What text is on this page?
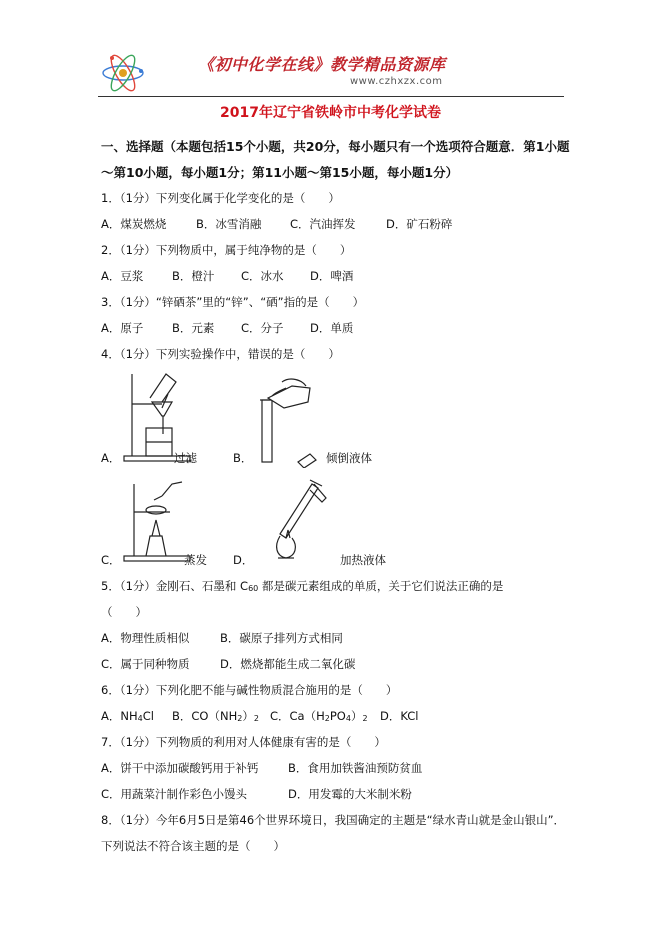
《初中化学在线》教学精品资源库
www.czhxzx.com
2017年辽宁省铁岭市中考化学试卷
一、选择题（本题包括15个小题，共20分，每小题只有一个选项符合题意．第1小题～第10小题，每小题1分；第11小题～第15小题，每小题1分）
1．（1分）下列变化属于化学变化的是（　　）
A．煤炭燃烧	B．冰雪消融 C．汽油挥发	D．矿石粉碎
2．（1分）下列物质中，属于纯净物的是（　　）
A．豆浆 B．橙汁 C．冰水 D．啤酒
3．（1分）“锌硒茶”里的“锌”、“硒”指的是（　　）
A．原子 B．元素 C．分子 D．单质
4．（1分）下列实验操作中，错误的是（　　）
A．	过滤	B．	倾倒液体
C．	蒸发 D．	加热液体
5．（1分）金刚石、石墨和 C60 都是碳元素组成的单质，关于它们说法正确的是
（　　）
A．物理性质相似	B．碳原子排列方式相同
C．属于同种物质	D．燃烧都能生成二氧化碳
6．（1分）下列化肥不能与碱性物质混合施用的是（　　）
A．NH4Cl B．CO（NH2）2 C．Ca（H2PO4）2 D．KCl
7．（1分）下列物质的利用对人体健康有害的是（　　）
A．饼干中添加碳酸钙用于补钙	B．食用加铁酱油预防贫血
C．用蔬菜汁制作彩色小馒头	D．用发霉的大米制米粉
8．（1分）今年6月5日是第46个世界环境日，我国确定的主题是“绿水青山就是金山银山”．下列说法不符合该主题的是（　　）
